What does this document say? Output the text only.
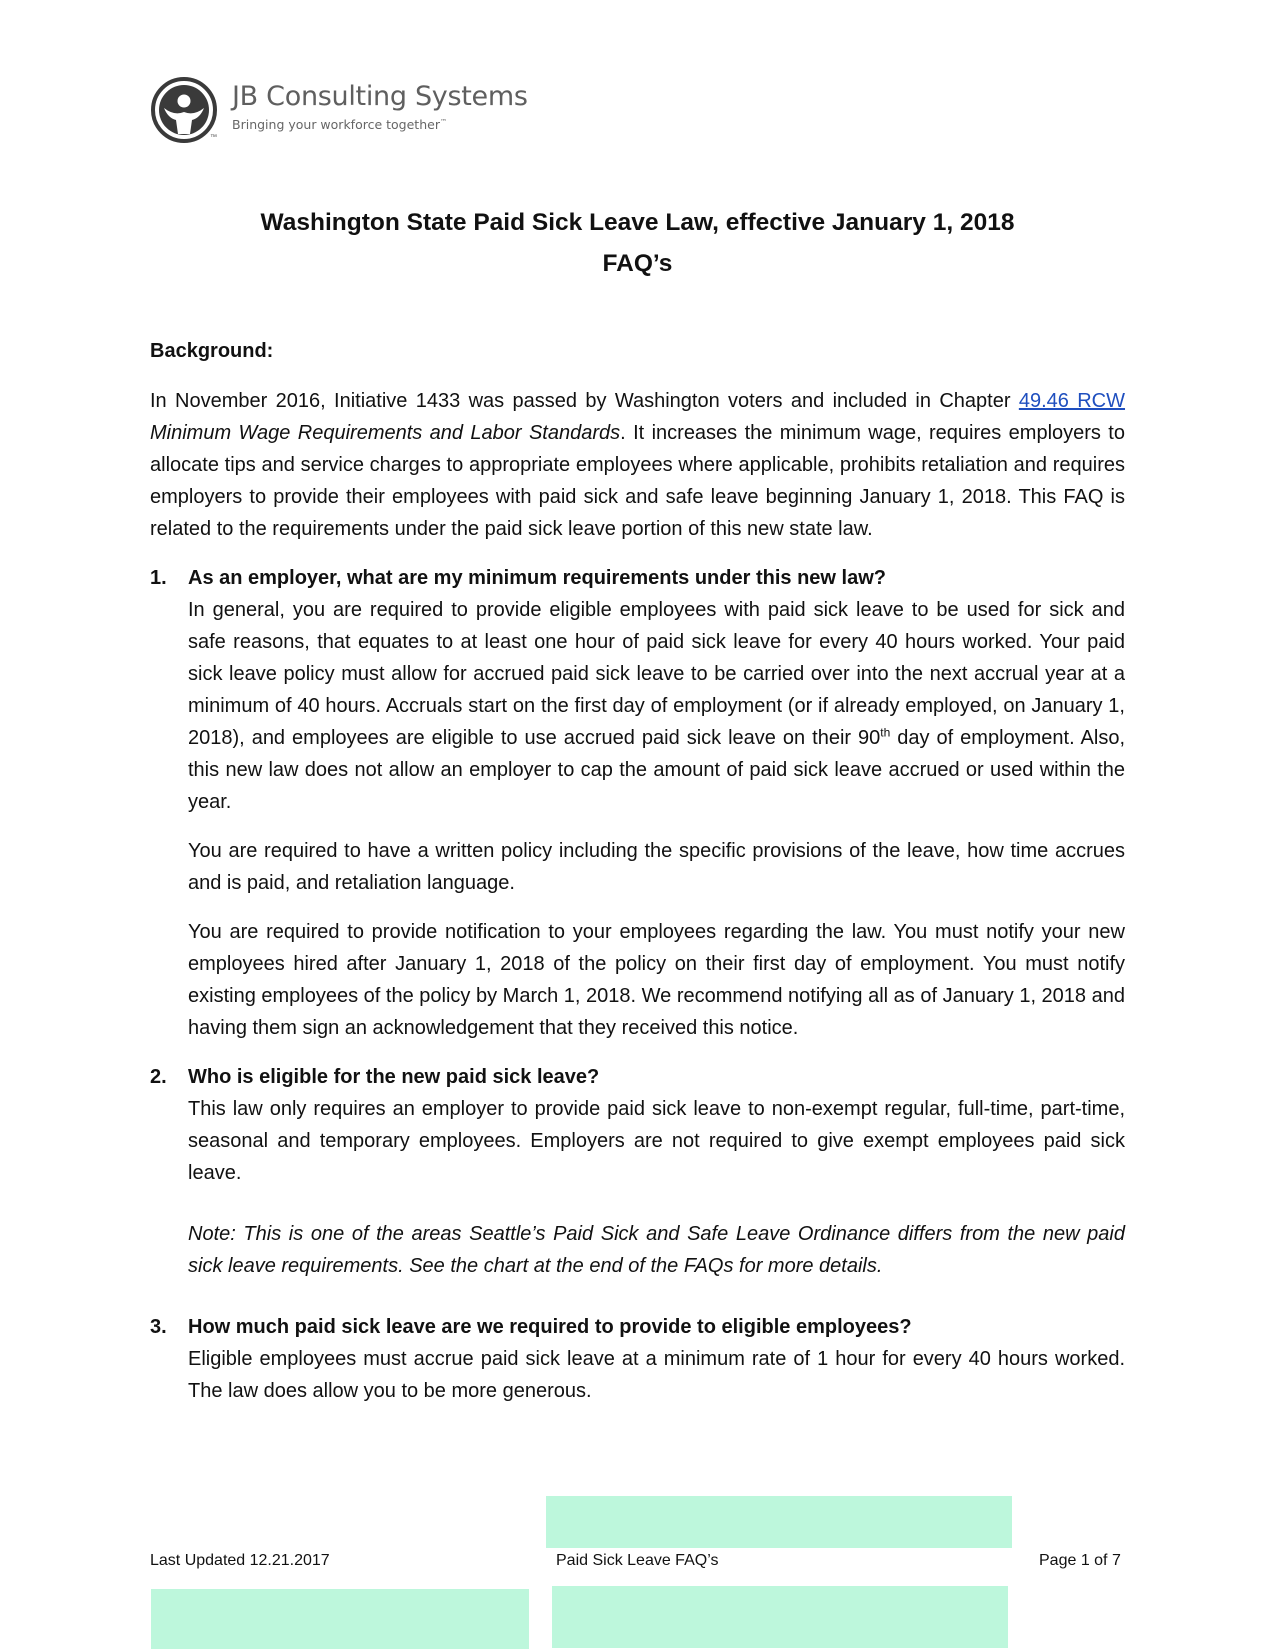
™
JB Consulting Systems
Bringing your workforce together™
Washington State Paid Sick Leave Law, effective January 1, 2018
FAQ’s
Background:

In November 2016, Initiative 1433 was passed by Washington voters and included in Chapter 49.46 RCW Minimum Wage Requirements and Labor Standards. It increases the minimum wage, requires employers to allocate tips and service charges to appropriate employees where applicable, prohibits retaliation and requires employers to provide their employees with paid sick and safe leave beginning January 1, 2018. This FAQ is related to the requirements under the paid sick leave portion of this new state law.

1. As an employer, what are my minimum requirements under this new law?

In general, you are required to provide eligible employees with paid sick leave to be used for sick and safe reasons, that equates to at least one hour of paid sick leave for every 40 hours worked. Your paid sick leave policy must allow for accrued paid sick leave to be carried over into the next accrual year at a minimum of 40 hours. Accruals start on the first day of employment (or if already employed, on January 1, 2018), and employees are eligible to use accrued paid sick leave on their 90th day of employment. Also, this new law does not allow an employer to cap the amount of paid sick leave accrued or used within the year.

You are required to have a written policy including the specific provisions of the leave, how time accrues and is paid, and retaliation language.

You are required to provide notification to your employees regarding the law. You must notify your new employees hired after January 1, 2018 of the policy on their first day of employment. You must notify existing employees of the policy by March 1, 2018. We recommend notifying all as of January 1, 2018 and having them sign an acknowledgement that they received this notice.

2. Who is eligible for the new paid sick leave?

This law only requires an employer to provide paid sick leave to non-exempt regular, full-time, part-time, seasonal and temporary employees. Employers are not required to give exempt employees paid sick leave.

Note: This is one of the areas Seattle’s Paid Sick and Safe Leave Ordinance differs from the new paid sick leave requirements. See the chart at the end of the FAQs for more details.

3. How much paid sick leave are we required to provide to eligible employees?

Eligible employees must accrue paid sick leave at a minimum rate of 1 hour for every 40 hours worked. The law does allow you to be more generous.

Last Updated 12.21.2017	Paid Sick Leave FAQ’s	Page 1 of 7
